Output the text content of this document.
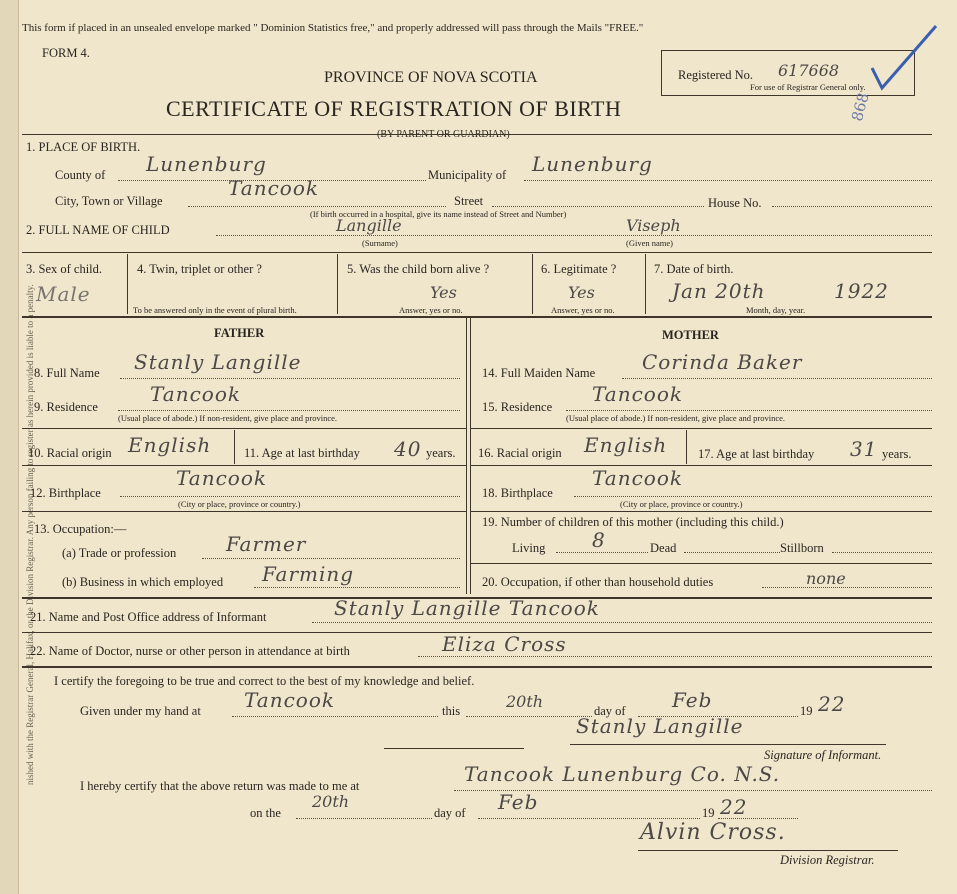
nished with the Registrar General, Halifax, or the Division Registrar. Any person failing to register as herein provided is liable to a penalty.
This form if placed in an unsealed envelope marked " Dominion Statistics free," and properly addressed will pass through the Mails "FREE."
FORM 4.
PROVINCE OF NOVA SCOTIA
CERTIFICATE OF REGISTRATION OF BIRTH
(BY PARENT OR GUARDIAN)
Registered No. 617668
For use of Registrar General only.
868
1. PLACE OF BIRTH.
County of Lunenburg	Municipality of Lunenburg
City, Town or Village
Tancook
Street	House No.
(If birth occurred in a hospital, give its name instead of Street and Number)
2. FULL NAME OF CHILD	Langille	Viseph
(Surname)	(Given name)
3. Sex of child.
Male
4. Twin, triplet or other ?
To be answered only in the event of plural birth.
5. Was the child born alive ?
Yes
Answer, yes or no.
6. Legitimate ?
Yes
Answer, yes or no.
7. Date of birth.
Jan 20th	1922
Month, day, year.
FATHER	MOTHER
8. Full Name Stanly Langille
9. Residence
Tancook
(Usual place of abode.) If non-resident, give place and province.
10. Racial origin English	11. Age at last birthday 40 years.
12. Birthplace
Tancook
(City or place, province or country.)
13. Occupation:—
(a) Trade or profession Farmer
(b) Business in which employed Farming
14. Full Maiden Name Corinda Baker
15. Residence
Tancook
(Usual place of abode.) If non-resident, give place and province.
16. Racial origin English 17. Age at last birthday 31 years.
18. Birthplace
Tancook
(City or place, province or country.)
19. Number of children of this mother (including this child.)
Living 8	Dead	Stillborn
20. Occupation, if other than household duties	none
21. Name and Post Office address of Informant	Stanly Langille Tancook
22. Name of Doctor, nurse or other person in attendance at birth	Eliza Cross
I certify the foregoing to be true and correct to the best of my knowledge and belief.
Given under my hand at Tancook	this	20th	day of Feb	19 22
Stanly Langille
Signature of Informant.
I hereby certify that the above return was made to me at	Tancook Lunenburg Co. N.S.
on the
20th
day of Feb	19 22
Alvin Cross.
Division Registrar.
